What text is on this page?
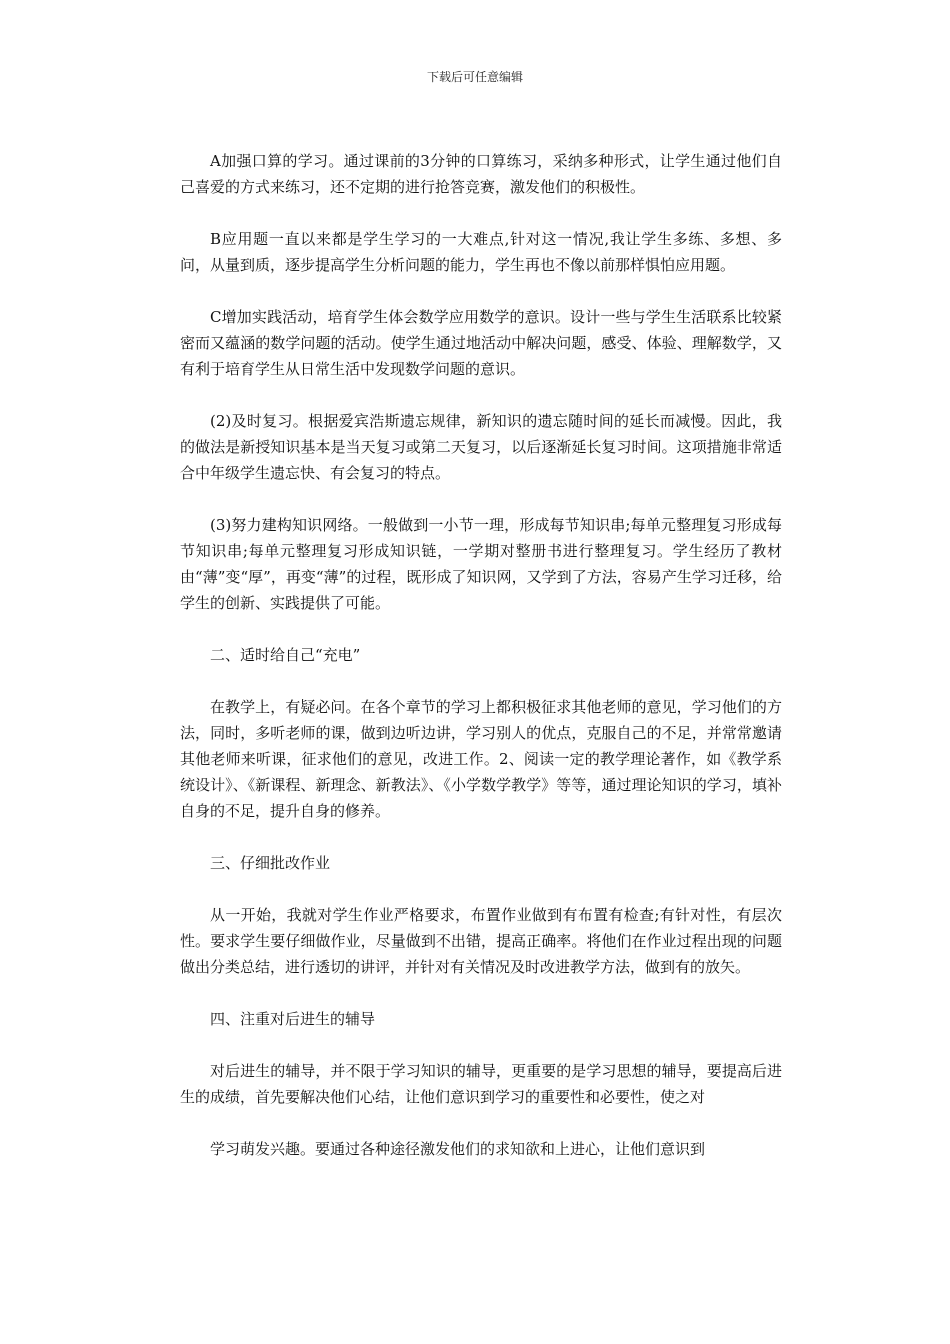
下载后可任意编辑

A加强口算的学习。通过课前的3分钟的口算练习，采纳多种形式，让学生通过他们自己喜爱的方式来练习，还不定期的进行抢答竞赛，激发他们的积极性。

B应用题一直以来都是学生学习的一大难点,针对这一情况,我让学生多练、多想、多问，从量到质，逐步提高学生分析问题的能力，学生再也不像以前那样惧怕应用题。

C增加实践活动，培育学生体会数学应用数学的意识。设计一些与学生生活联系比较紧密而又蕴涵的数学问题的活动。使学生通过地活动中解决问题，感受、体验、理解数学，又有利于培育学生从日常生活中发现数学问题的意识。

(2)及时复习。根据爱宾浩斯遗忘规律，新知识的遗忘随时间的延长而减慢。因此，我的做法是新授知识基本是当天复习或第二天复习，以后逐渐延长复习时间。这项措施非常适合中年级学生遗忘快、有会复习的特点。

(3)努力建构知识网络。一般做到一小节一理，形成每节知识串;每单元整理复习形成每节知识串;每单元整理复习形成知识链，一学期对整册书进行整理复习。学生经历了教材由“薄”变“厚”，再变“薄”的过程，既形成了知识网，又学到了方法，容易产生学习迁移，给学生的创新、实践提供了可能。

二、适时给自己“充电”

在教学上，有疑必问。在各个章节的学习上都积极征求其他老师的意见，学习他们的方法，同时，多听老师的课，做到边听边讲，学习别人的优点，克服自己的不足，并常常邀请其他老师来听课，征求他们的意见，改进工作。2、阅读一定的教学理论著作，如《教学系统设计》、《新课程、新理念、新教法》、《小学数学教学》等等，通过理论知识的学习，填补自身的不足，提升自身的修养。

三、仔细批改作业

从一开始，我就对学生作业严格要求，布置作业做到有布置有检查;有针对性，有层次性。要求学生要仔细做作业，尽量做到不出错，提高正确率。将他们在作业过程出现的问题做出分类总结，进行透切的讲评，并针对有关情况及时改进教学方法，做到有的放矢。

四、注重对后进生的辅导

对后进生的辅导，并不限于学习知识的辅导，更重要的是学习思想的辅导，要提高后进生的成绩，首先要解决他们心结，让他们意识到学习的重要性和必要性，使之对

学习萌发兴趣。要通过各种途径激发他们的求知欲和上进心，让他们意识到
